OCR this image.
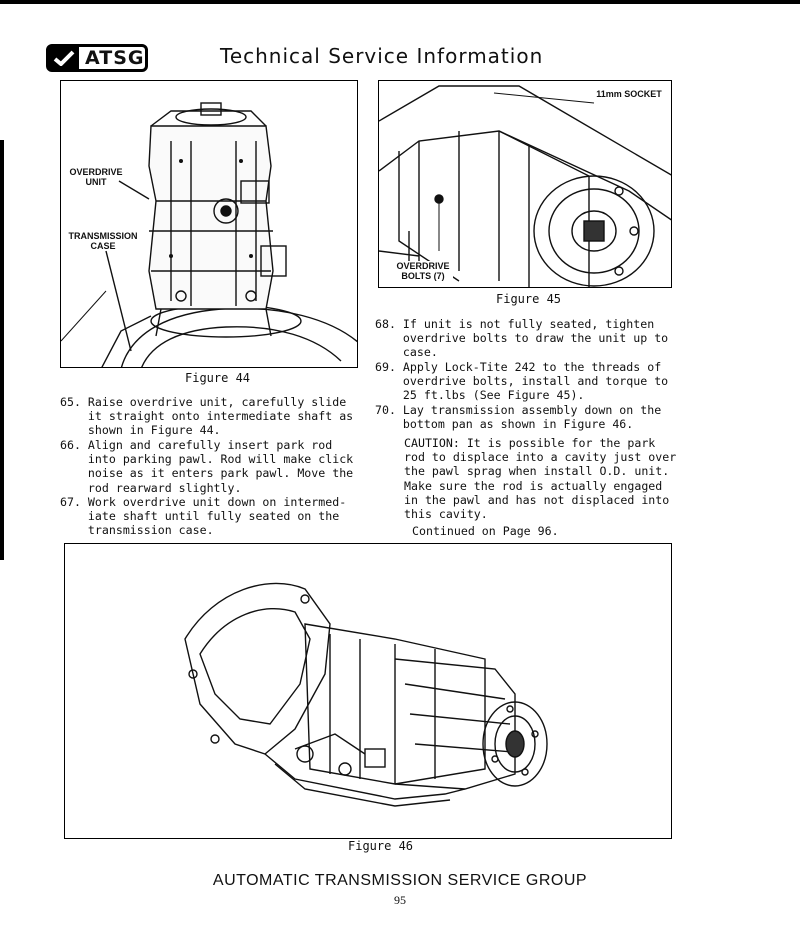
ATSG	Technical Service Information
OVERDRIVE UNIT
TRANSMISSION CASE
Figure 44
11mm SOCKET
OVERDRIVE BOLTS (7)
Figure 45
65. Raise overdrive unit, carefully slide
it straight onto intermediate shaft as
shown in Figure 44.
66. Align and carefully insert park rod
into parking pawl. Rod will make click
noise as it enters park pawl. Move the
rod rearward slightly.
67. Work overdrive unit down on intermed-
iate shaft until fully seated on the
transmission case.
68. If unit is not fully seated, tighten
overdrive bolts to draw the unit up to
case.
69. Apply Lock-Tite 242 to the threads of
overdrive bolts, install and torque to
25 ft.lbs (See Figure 45).
70. Lay transmission assembly down on the
bottom pan as shown in Figure 46.
CAUTION: It is possible for the park
rod to displace into a cavity just over
the pawl sprag when install O.D. unit.
Make sure the rod is actually engaged
in the pawl and has not displaced into
this cavity.
Continued on Page 96.
Figure 46
AUTOMATIC TRANSMISSION SERVICE GROUP
95
